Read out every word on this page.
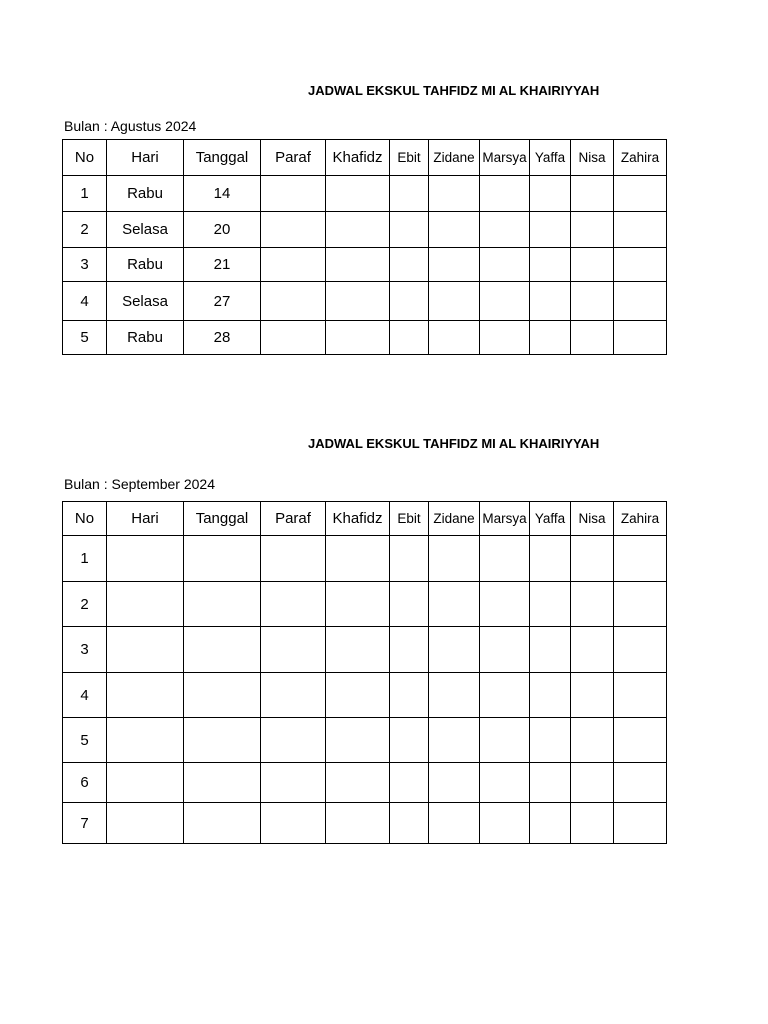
JADWAL EKSKUL TAHFIDZ MI AL KHAIRIYYAH
Bulan : Agustus 2024
No	Hari	Tanggal	Paraf	Khafidz	Ebit	Zidane	Marsya	Yaffa	Nisa	Zahira
1	Rabu	14								
2	Selasa	20								
3	Rabu	21								
4	Selasa	27								
5	Rabu	28								
JADWAL EKSKUL TAHFIDZ MI AL KHAIRIYYAH
Bulan : September 2024
No	Hari	Tanggal	Paraf	Khafidz	Ebit	Zidane	Marsya	Yaffa	Nisa	Zahira
1										
2										
3										
4										
5										
6										
7										
